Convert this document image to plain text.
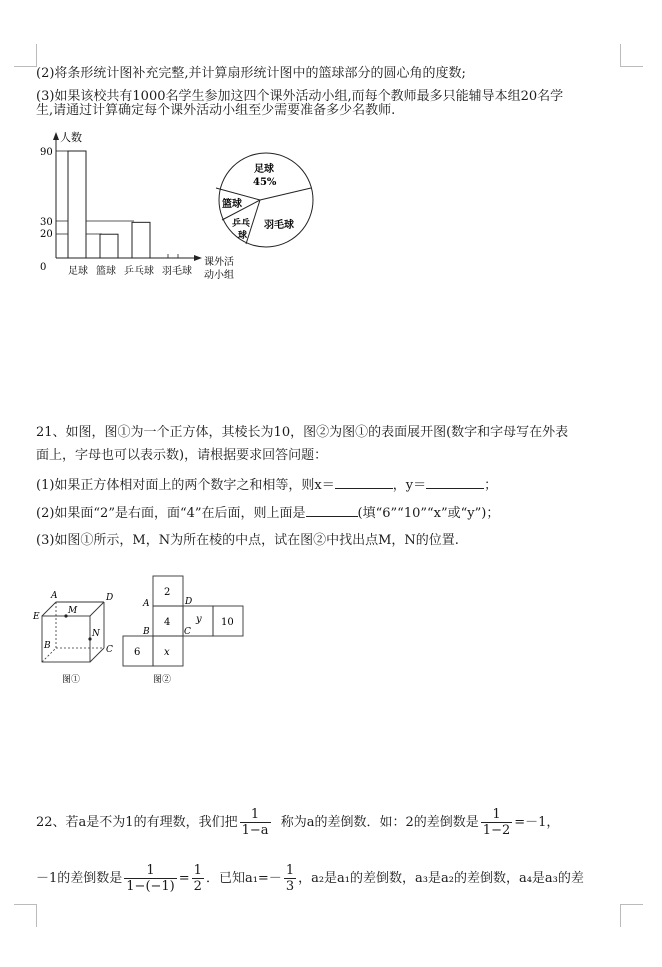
(2)将条形统计图补充完整,并计算扇形统计图中的篮球部分的圆心角的度数;
(3)如果该校共有1000名学生参加这四个课外活动小组,而每个教师最多只能辅导本组20名学
生,请通过计算确定每个课外活动小组至少需要准备多少名教师.
人数
0
90
30
20
足球 篮球 乒乓球 羽毛球
课外活
动小组
足球
45%
篮球
乒乓
球
羽毛球
21、如图，图①为一个正方体，其棱长为10，图②为图①的表面展开图(数字和字母写在外表
面上，字母也可以表示数)，请根据要求回答问题：
(1)如果正方体相对面上的两个数字之和相等，则x＝	，y＝	；
(2)如果面“2”是右面，面“4”在后面，则上面是	(填“6”“10”“x”或“y”)；
(3)如图①所示，M，N为所在棱的中点，试在图②中找出点M，N的位置.
A	D
E
M
N
B	C
图①
2
4	y 10
6 x
A	D
B	C
图②
22、若a是不为1的有理数，我们把 $\frac{1}{1-a}$ 称为a的差倒数．如：2的差倒数是 $\frac{1}{1-2} =-1$，
－1的差倒数是 $\frac{1}{1-(-1)} = \frac{1}{2}$ ．已知$a_1=- \frac{1}{3}$ ，a₂是a₁的差倒数，a₃是a₂的差倒数，a₄是a₃的差
